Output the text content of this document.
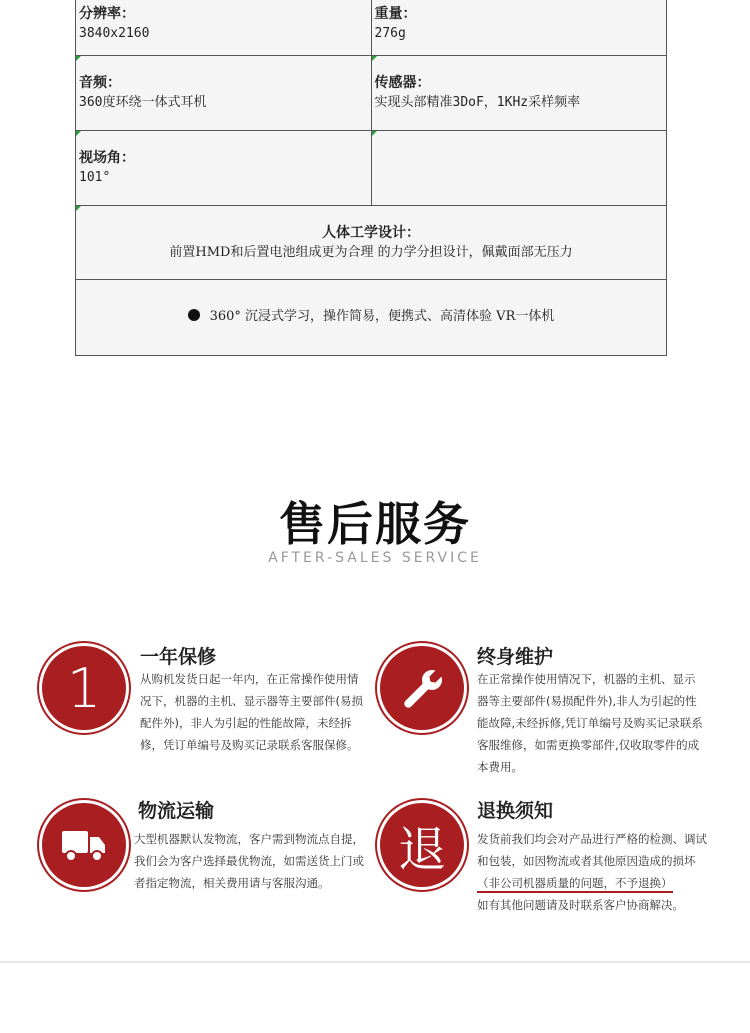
分辨率：
3840x2160
重量：
276g
音频：
360度环绕一体式耳机
传感器：
实现头部精准3DoF，1KHz采样频率
视场角：
101°
人体工学设计：
前置HMD和后置电池组成更为合理 的力学分担设计，佩戴面部无压力
360° 沉浸式学习，操作简易，便携式、高清体验 VR一体机
售后服务
AFTER-SALES SERVICE
1	一年保修
从购机发货日起一年内，在正常操作使用情况下，机器的主机、显示器等主要部件(易损配件外)，非人为引起的性能故障，未经拆修，凭订单编号及购买记录联系客服保修。
终身维护
在正常操作使用情况下，机器的主机、显示器等主要部件(易损配件外),非人为引起的性能故障,未经拆修,凭订单编号及购买记录联系客服维修，如需更换零部件,仅收取零件的成本费用。
物流运输
大型机器默认发物流，客户需到物流点自提，我们会为客户选择最优物流，如需送货上门或者指定物流，相关费用请与客服沟通。
退
退换须知
发货前我们均会对产品进行严格的检测、调试和包装，如因物流或者其他原因造成的损坏（非公司机器质量的问题，不予退换）
如有其他问题请及时联系客户协商解决。
